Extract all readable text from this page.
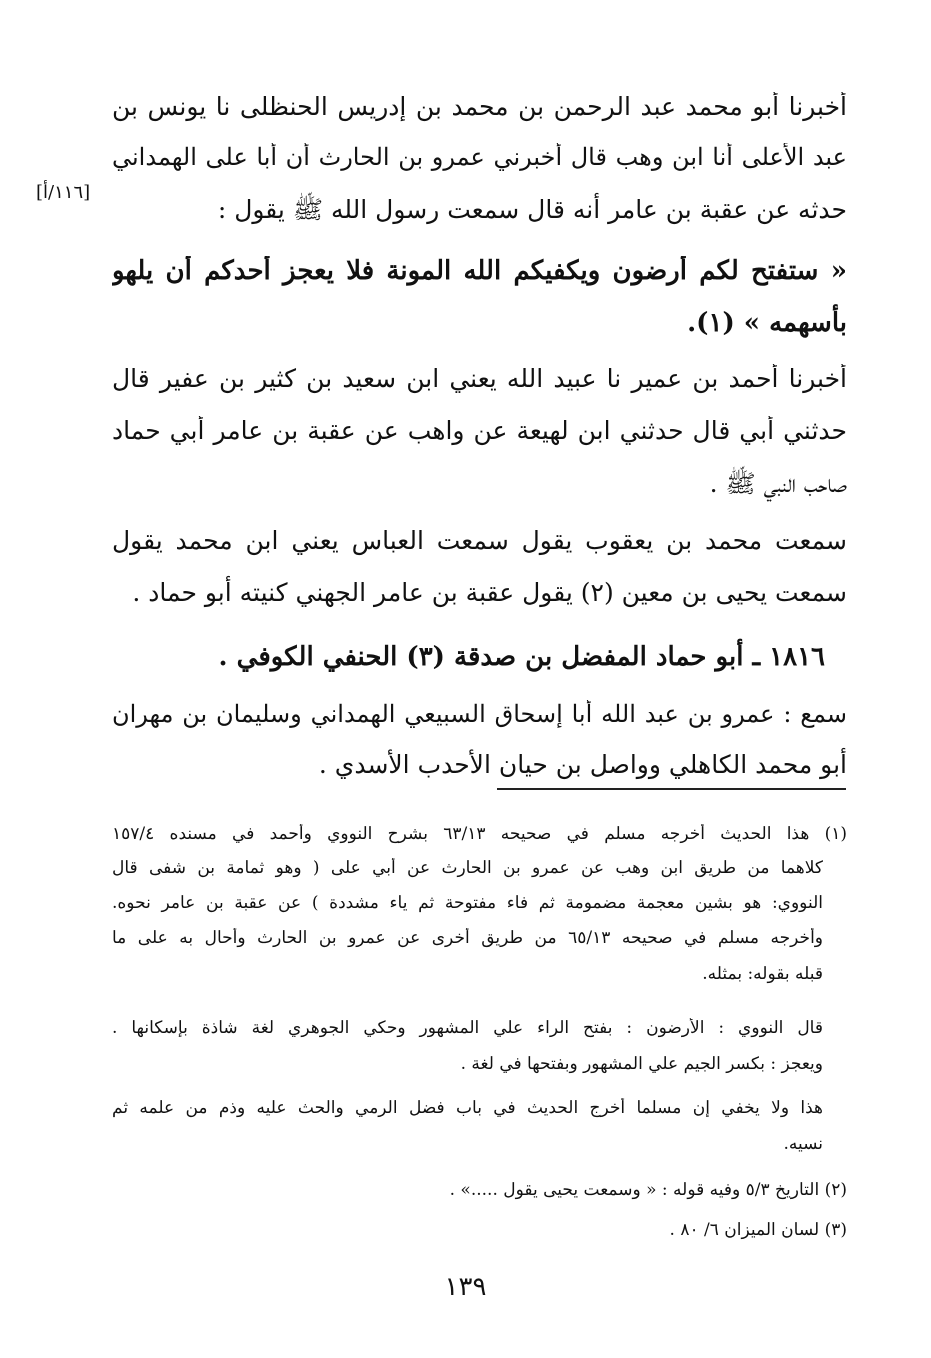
[١١٦/أ]
أخبرنا أبو محمد عبد الرحمن بن محمد بن إدريس الحنظلى نا يونس بن
عبد الأعلى أنا ابن وهب قال أخبرني عمرو بن الحارث أن أبا على الهمداني
حدثه عن عقبة بن عامر أنه قال سمعت رسول الله ﷺ يقول :
« ستفتح لكم أرضون ويكفيكم الله المونة فلا يعجز أحدكم أن يلهو
بأسهمه » (١).
أخبرنا أحمد بن عمير نا عبيد الله يعني ابن سعيد بن كثير بن عفير قال
حدثني أبي قال حدثني ابن لهيعة عن واهب عن عقبة بن عامر أبي حماد
صاحب النبي ﷺ .
سمعت محمد بن يعقوب يقول سمعت العباس يعني ابن محمد يقول
سمعت يحيى بن معين (٢) يقول عقبة بن عامر الجهني كنيته أبو حماد .
١٨١٦ ـ أبو حماد المفضل بن صدقة (٣) الحنفي الكوفي .
سمع : عمرو بن عبد الله أبا إسحاق السبيعي الهمداني وسليمان بن مهران
أبو محمد الكاهلي وواصل بن حيان الأحدب الأسدي .
(١) هذا الحديث أخرجه مسلم في صحيحه ٦٣/١٣ بشرح النووي وأحمد في مسنده ١٥٧/٤
كلاهما من طريق ابن وهب عن عمرو بن الحارث عن أبي على ( وهو ثمامة بن شفى قال
النووي: هو بشين معجمة مضمومة ثم فاء مفتوحة ثم ياء مشددة ) عن عقبة بن عامر نحوه.
وأخرجه مسلم في صحيحه ٦٥/١٣ من طريق أخرى عن عمرو بن الحارث وأحال به على ما
قبله بقوله: بمثله.
قال النووي : الأرضون : بفتح الراء علي المشهور وحكي الجوهري لغة شاذة بإسكانها .
ويعجز : بكسر الجيم علي المشهور وبفتحها في لغة .
هذا ولا يخفي إن مسلما أخرج الحديث في باب فضل الرمي والحث عليه وذم من علمه ثم
نسيه.
(٢) التاريخ ٥/٣ وفيه قوله : « وسمعت يحيى يقول .....» .
(٣) لسان الميزان ٦/ ٨٠ .
١٣٩
